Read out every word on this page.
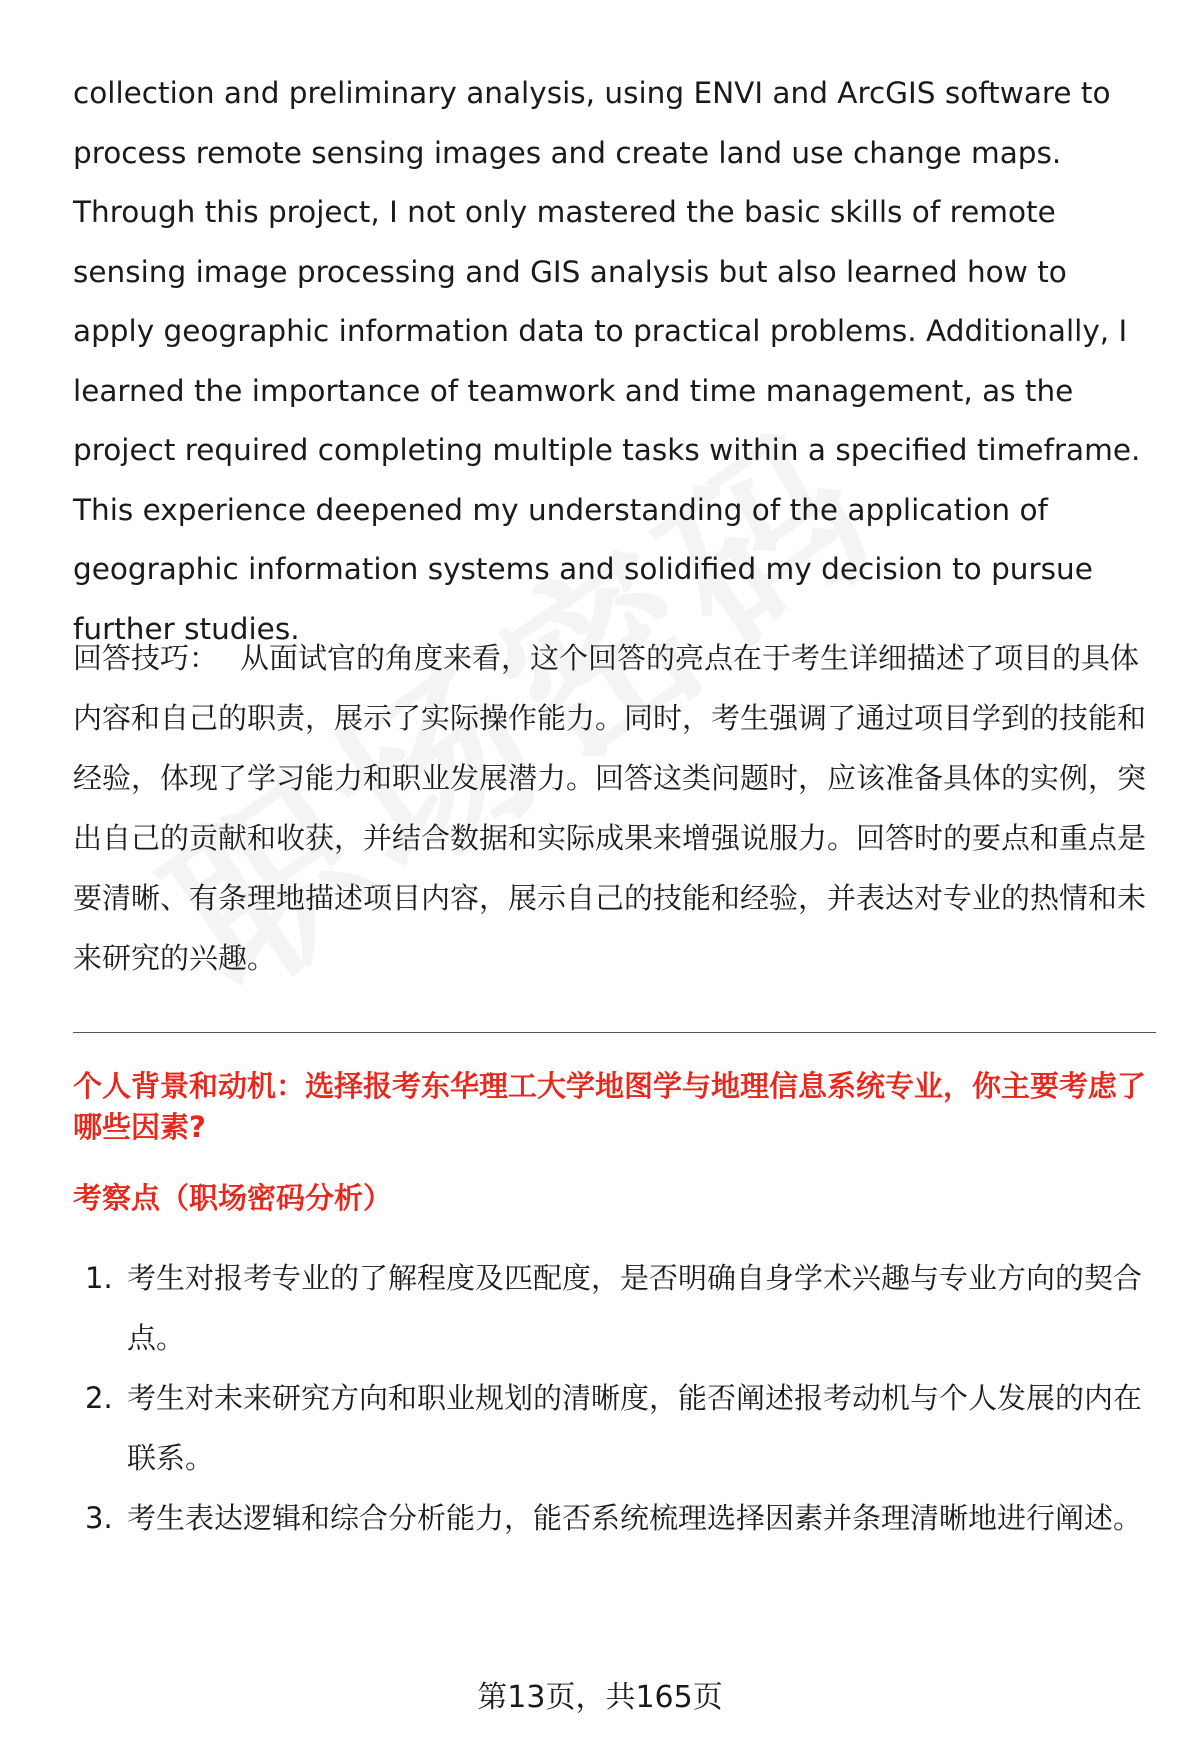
collection and preliminary analysis, using ENVI and ArcGIS software to process remote sensing images and create land use change maps. Through this project, I not only mastered the basic skills of remote sensing image processing and GIS analysis but also learned how to apply geographic information data to practical problems. Additionally, I learned the importance of teamwork and time management, as the project required completing multiple tasks within a specified timeframe. This experience deepened my understanding of the application of geographic information systems and solidified my decision to pursue further studies.

回答技巧： 从面试官的角度来看，这个回答的亮点在于考生详细描述了项目的具体内容和自己的职责，展示了实际操作能力。同时，考生强调了通过项目学到的技能和经验，体现了学习能力和职业发展潜力。回答这类问题时，应该准备具体的实例，突出自己的贡献和收获，并结合数据和实际成果来增强说服力。回答时的要点和重点是要清晰、有条理地描述项目内容，展示自己的技能和经验，并表达对专业的热情和未来研究的兴趣。

个人背景和动机：选择报考东华理工大学地图学与地理信息系统专业，你主要考虑了哪些因素?

考察点（职场密码分析）

1. 考生对报考专业的了解程度及匹配度，是否明确自身学术兴趣与专业方向的契合点。
2. 考生对未来研究方向和职业规划的清晰度，能否阐述报考动机与个人发展的内在联系。
3. 考生表达逻辑和综合分析能力，能否系统梳理选择因素并条理清晰地进行阐述。
第13页，共165页
